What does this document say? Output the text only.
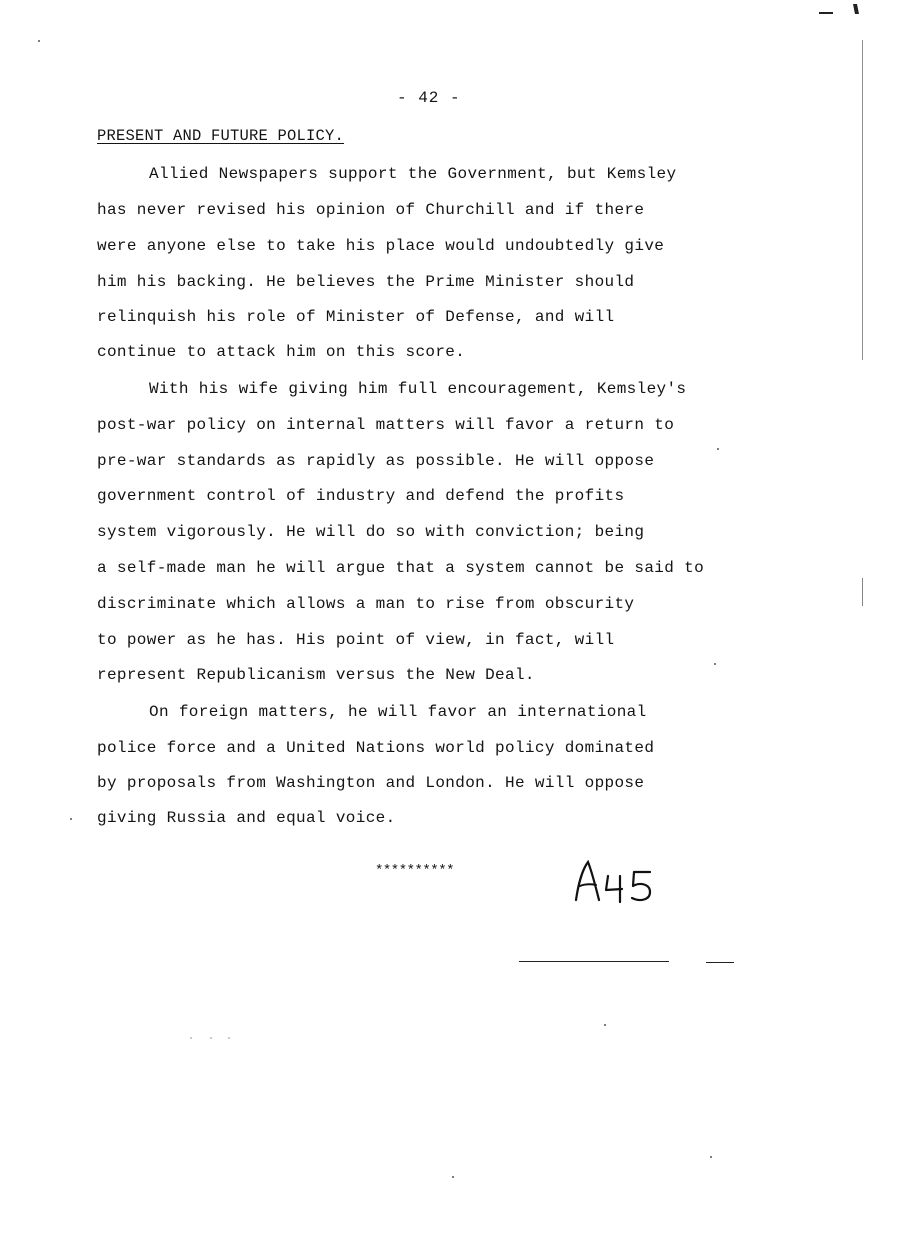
- 42 -
PRESENT AND FUTURE POLICY.
Allied Newspapers support the Government, but Kemsley
has never revised his opinion of Churchill and if there
were anyone else to take his place would undoubtedly give
him his backing. He believes the Prime Minister should
relinquish his role of Minister of Defense, and will
continue to attack him on this score.
With his wife giving him full encouragement, Kemsley's
post-war policy on internal matters will favor a return to
pre-war standards as rapidly as possible. He will oppose
government control of industry and defend the profits
system vigorously. He will do so with conviction; being
a self-made man he will argue that a system cannot be said to
discriminate which allows a man to rise from obscurity
to power as he has. His point of view, in fact, will
represent Republicanism versus the New Deal.
On foreign matters, he will favor an international
police force and a United Nations world policy dominated
by proposals from Washington and London. He will oppose
giving Russia and equal voice.
**********
